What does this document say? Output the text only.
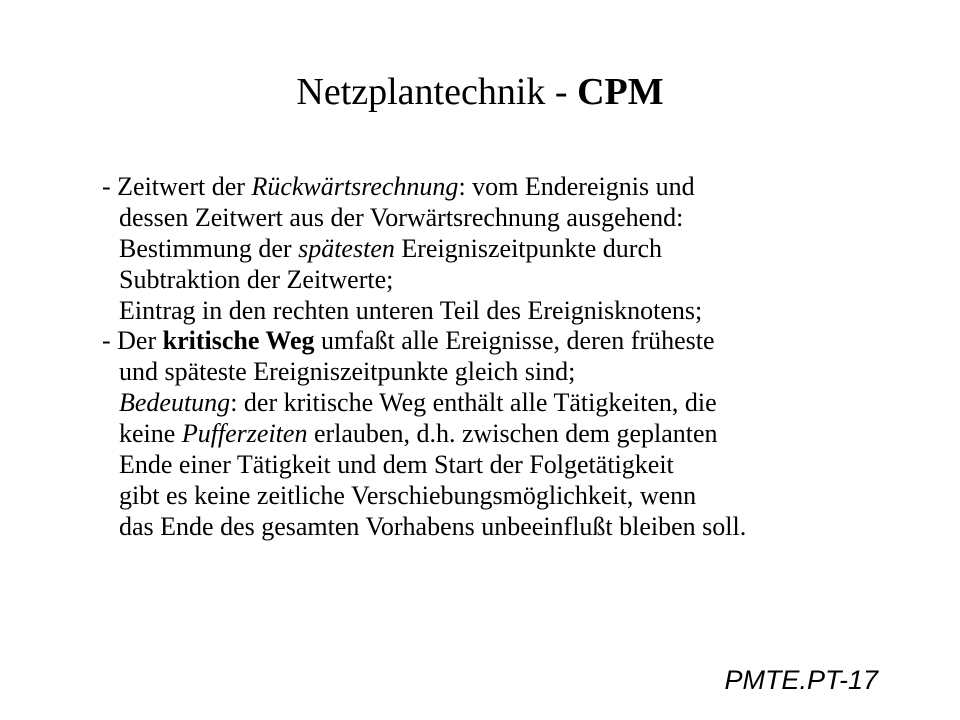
Netzplantechnik - CPM
- Zeitwert der Rückwärtsrechnung: vom Endereignis und
dessen Zeitwert aus der Vorwärtsrechnung ausgehend:
Bestimmung der spätesten Ereigniszeitpunkte durch
Subtraktion der Zeitwerte;
Eintrag in den rechten unteren Teil des Ereignisknotens;
- Der kritische Weg umfaßt alle Ereignisse, deren früheste
und späteste Ereigniszeitpunkte gleich sind;
Bedeutung: der kritische Weg enthält alle Tätigkeiten, die
keine Pufferzeiten erlauben, d.h. zwischen dem geplanten
Ende einer Tätigkeit und dem Start der Folgetätigkeit
gibt es keine zeitliche Verschiebungsmöglichkeit, wenn
das Ende des gesamten Vorhabens unbeeinflußt bleiben soll.
PMTE.PT-17
